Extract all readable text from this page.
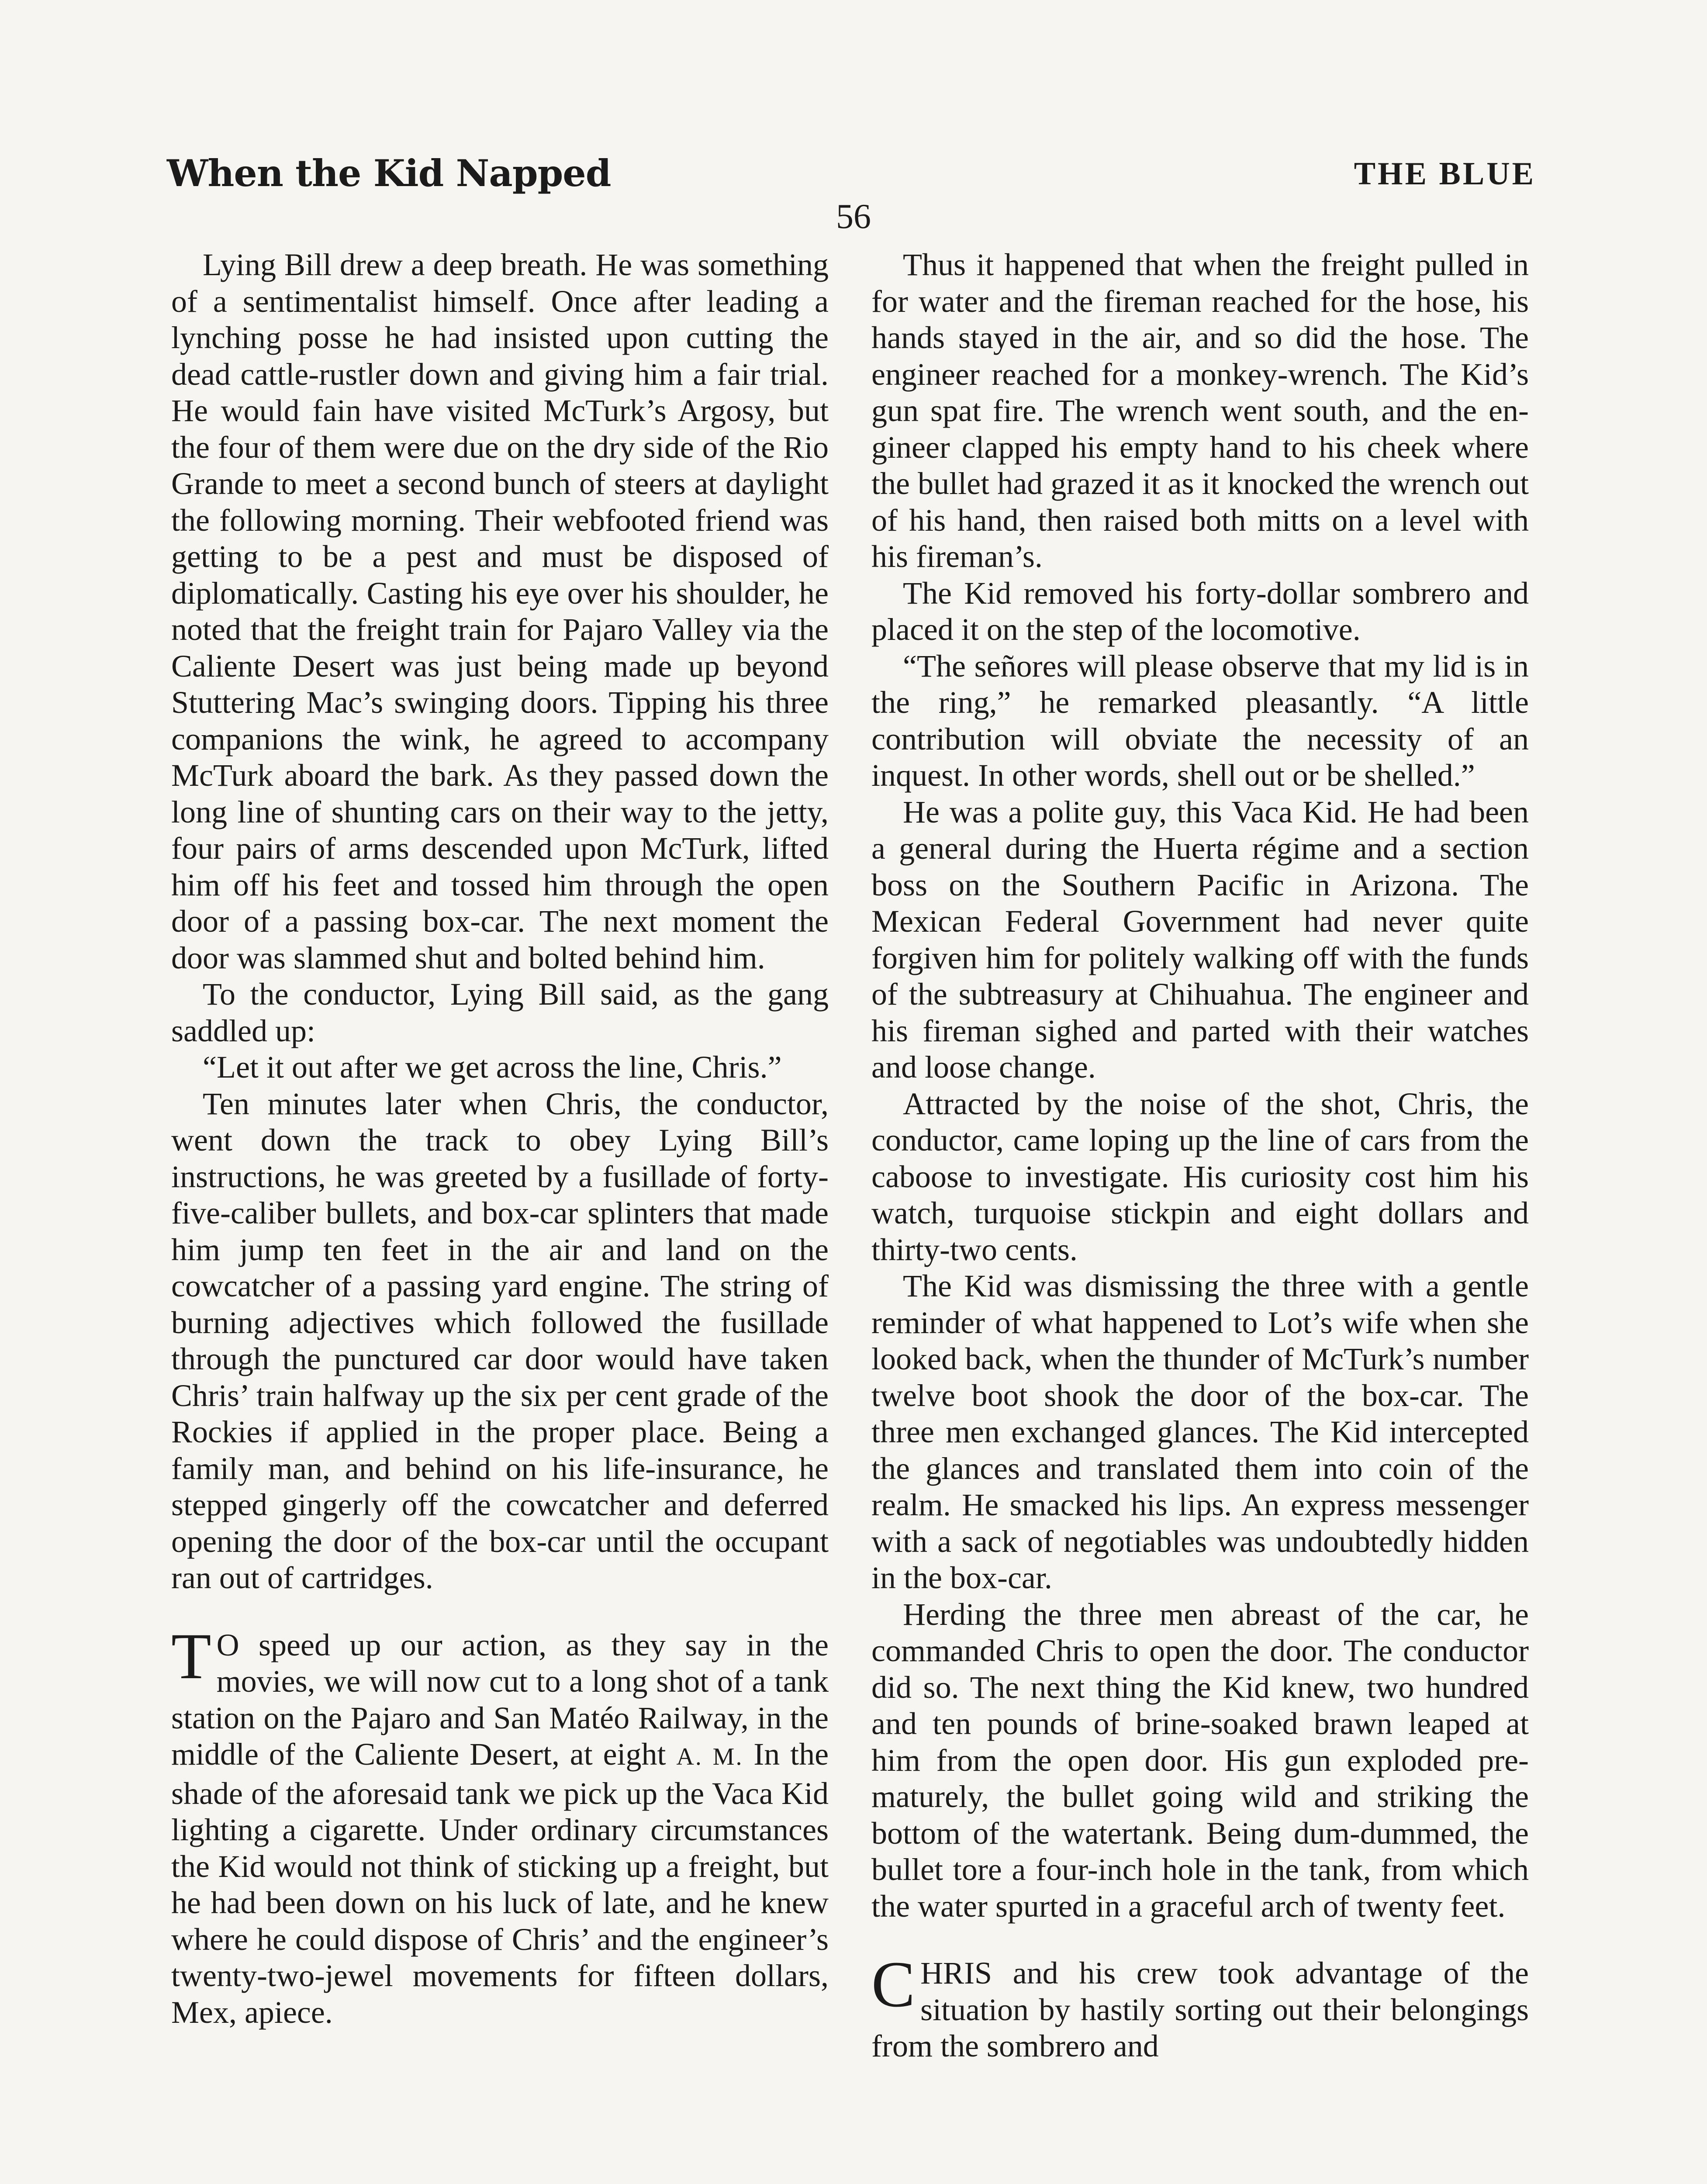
When the Kid Napped	THE BLUE
56

Lying Bill drew a deep breath. He was something of a sentimentalist himself. Once after leading a lynching posse he had insisted upon cutting the dead cattle-rustler down and giving him a fair trial. He would fain have visited McTurk’s Argosy, but the four of them were due on the dry side of the Rio Grande to meet a second bunch of steers at daylight the following morning. Their webfooted friend was getting to be a pest and must be disposed of diplomatically. Casting his eye over his shoulder, he noted that the freight train for Pajaro Valley via the Caliente Desert was just being made up beyond Stuttering Mac’s swinging doors. Tipping his three companions the wink, he agreed to accompany McTurk aboard the bark. As they passed down the long line of shunting cars on their way to the jetty, four pairs of arms descended upon McTurk, lifted him off his feet and tossed him through the open door of a passing box-car. The next moment the door was slammed shut and bolted behind him.

To the conductor, Lying Bill said, as the gang saddled up:

“Let it out after we get across the line, Chris.”

Ten minutes later when Chris, the conductor, went down the track to obey Lying Bill’s instructions, he was greeted by a fusillade of forty-five-caliber bullets, and box-car splinters that made him jump ten feet in the air and land on the cowcatcher of a passing yard engine. The string of burning adjectives which followed the fusillade through the punctured car door would have taken Chris’ train halfway up the six per cent grade of the Rockies if applied in the proper place. Being a family man, and behind on his life-insurance, he stepped gingerly off the cowcatcher and deferred opening the door of the box-car until the occupant ran out of cartridges.

T O speed up our action, as they say in the movies, we will now cut to a long shot of a tank station on the Pajaro and San Matéo Railway, in the middle of the Caliente Desert, at eight A. M. In the shade of the aforesaid tank we pick up the Vaca Kid lighting a cigarette. Under ordinary circumstances the Kid would not think of sticking up a freight, but he had been down on his luck of late, and he knew where he could dispose of Chris’ and the engineer’s twenty-two-jewel movements for fifteen dollars, Mex, apiece.

Thus it happened that when the freight pulled in for water and the fireman reached for the hose, his hands stayed in the air, and so did the hose. The engineer reached for a monkey-wrench. The Kid’s gun spat fire. The wrench went south, and the engineer clapped his empty hand to his cheek where the bullet had grazed it as it knocked the wrench out of his hand, then raised both mitts on a level with his fireman’s.

The Kid removed his forty-dollar sombrero and placed it on the step of the locomotive.

“The señores will please observe that my lid is in the ring,” he remarked pleasantly. “A little contribution will obviate the necessity of an inquest. In other words, shell out or be shelled.”

He was a polite guy, this Vaca Kid. He had been a general during the Huerta régime and a section boss on the Southern Pacific in Arizona. The Mexican Federal Government had never quite forgiven him for politely walking off with the funds of the subtreasury at Chihuahua. The engineer and his fireman sighed and parted with their watches and loose change.

Attracted by the noise of the shot, Chris, the conductor, came loping up the line of cars from the caboose to investigate. His curiosity cost him his watch, turquoise stickpin and eight dollars and thirty-two cents.

The Kid was dismissing the three with a gentle reminder of what happened to Lot’s wife when she looked back, when the thunder of McTurk’s number twelve boot shook the door of the box-car. The three men exchanged glances. The Kid intercepted the glances and translated them into coin of the realm. He smacked his lips. An express messenger with a sack of negotiables was undoubtedly hidden in the box-car.

Herding the three men abreast of the car, he commanded Chris to open the door. The conductor did so. The next thing the Kid knew, two hundred and ten pounds of brine-soaked brawn leaped at him from the open door. His gun exploded prematurely, the bullet going wild and striking the bottom of the watertank. Being dum-dummed, the bullet tore a four-inch hole in the tank, from which the water spurted in a graceful arch of twenty feet.

CHRIS and his crew took advantage of the situation by hastily sorting out their belongings from the sombrero and
